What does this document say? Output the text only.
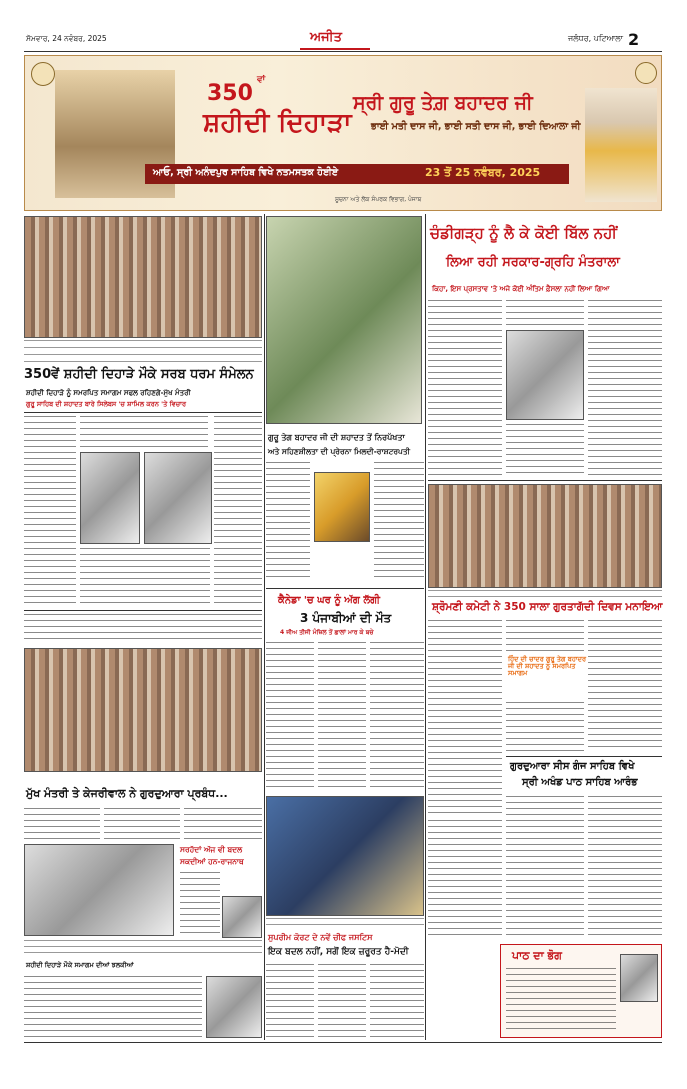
ਸੋਮਵਾਰ, 24 ਨਵੰਬਰ, 2025	ਅਜੀਤ	ਜਲੰਧਰ, ਪਟਿਆਲਾ 2
350
ਵਾਂ
ਸ਼ਹੀਦੀ ਦਿਹਾੜਾ
ਸ੍ਰੀ ਗੁਰੂ ਤੇਗ਼ ਬਹਾਦਰ ਜੀ
ਭਾਈ ਮਤੀ ਦਾਸ ਜੀ, ਭਾਈ ਸਤੀ ਦਾਸ ਜੀ, ਭਾਈ ਦਿਆਲਾ ਜੀ
ਆਓ, ਸ੍ਰੀ ਅਨੰਦਪੁਰ ਸਾਹਿਬ ਵਿਖੇ ਨਤਮਸਤਕ ਹੋਈਏ	23 ਤੋਂ 25 ਨਵੰਬਰ, 2025
ਸੂਚਨਾ ਅਤੇ ਲੋਕ ਸੰਪਰਕ ਵਿਭਾਗ, ਪੰਜਾਬ
350ਵੇਂ ਸ਼ਹੀਦੀ ਦਿਹਾੜੇ ਮੌਕੇ ਸਰਬ ਧਰਮ ਸੰਮੇਲਨ
ਸ਼ਹੀਦੀ ਦਿਹਾੜੇ ਨੂੰ ਸਮਰਪਿਤ ਸਮਾਗਮ ਸਫਲ ਰਹਿਣਗੇ-ਮੁੱਖ ਮੰਤਰੀ
ਗੁਰੂ ਸਾਹਿਬ ਦੀ ਸ਼ਹਾਦਤ ਬਾਰੇ ਸਿਲੇਬਸ 'ਚ ਸ਼ਾਮਿਲ ਕਰਨ 'ਤੇ ਵਿਚਾਰ
ਮੁੱਖ ਮੰਤਰੀ ਤੇ ਕੇਜਰੀਵਾਲ ਨੇ ਗੁਰਦੁਆਰਾ ਪ੍ਰਬੰਧ...
ਸਰਹੱਦਾਂ ਅੱਜ ਵੀ ਬਦਲ
ਸਕਦੀਆਂ ਹਨ-ਰਾਜਨਾਥ
ਸ਼ਹੀਦੀ ਦਿਹਾੜੇ ਮੌਕੇ ਸਮਾਗਮ ਦੀਆਂ ਝਲਕੀਆਂ
ਗੁਰੂ ਤੇਗ ਬਹਾਦਰ ਜੀ ਦੀ ਸ਼ਹਾਦਤ ਤੋਂ ਨਿਰਪੱਖਤਾ
ਅਤੇ ਸਹਿਣਸ਼ੀਲਤਾ ਦੀ ਪ੍ਰੇਰਨਾ ਮਿਲਦੀ-ਰਾਸ਼ਟਰਪਤੀ
ਕੈਨੇਡਾ 'ਚ ਘਰ ਨੂੰ ਅੱਗ ਲੱਗੀ
3 ਪੰਜਾਬੀਆਂ ਦੀ ਮੌਤ
4 ਜੀਅ ਤੀਜੀ ਮੰਜ਼ਿਲ ਤੋਂ ਛਾਲਾਂ ਮਾਰ ਕੇ ਬਚੇ
ਸੁਪਰੀਮ ਕੋਰਟ ਦੇ ਨਵੇਂ ਚੀਫ ਜਸਟਿਸ
ਇਕ ਬਦਲ ਨਹੀਂ, ਸਗੋਂ ਇਕ ਜ਼ਰੂਰਤ ਹੈ-ਮੋਦੀ
ਚੰਡੀਗੜ੍ਹ ਨੂੰ ਲੈ ਕੇ ਕੋਈ ਬਿੱਲ ਨਹੀਂ
ਲਿਆ ਰਹੀ ਸਰਕਾਰ-ਗ੍ਰਹਿ ਮੰਤਰਾਲਾ
ਕਿਹਾ, ਇਸ ਪ੍ਰਸਤਾਵ 'ਤੇ ਅਜੇ ਕੋਈ ਅੰਤਿਮ ਫ਼ੈਸਲਾ ਨਹੀਂ ਲਿਆ ਗਿਆ
ਸ਼੍ਰੋਮਣੀ ਕਮੇਟੀ ਨੇ 350 ਸਾਲਾ ਗੁਰਤਾਗੱਦੀ ਦਿਵਸ ਮਨਾਇਆ
ਹਿੰਦ ਦੀ ਚਾਦਰ ਗੁਰੂ ਤੇਗ ਬਹਾਦਰ ਜੀ ਦੀ ਸ਼ਹਾਦਤ ਨੂੰ ਸਮਰਪਿਤ ਸਮਾਗਮ
ਗੁਰਦੁਆਰਾ ਸੀਸ ਗੰਜ ਸਾਹਿਬ ਵਿਖੇ
ਸ੍ਰੀ ਅਖੰਡ ਪਾਠ ਸਾਹਿਬ ਆਰੰਭ
ਪਾਠ ਦਾ ਭੋਗ
